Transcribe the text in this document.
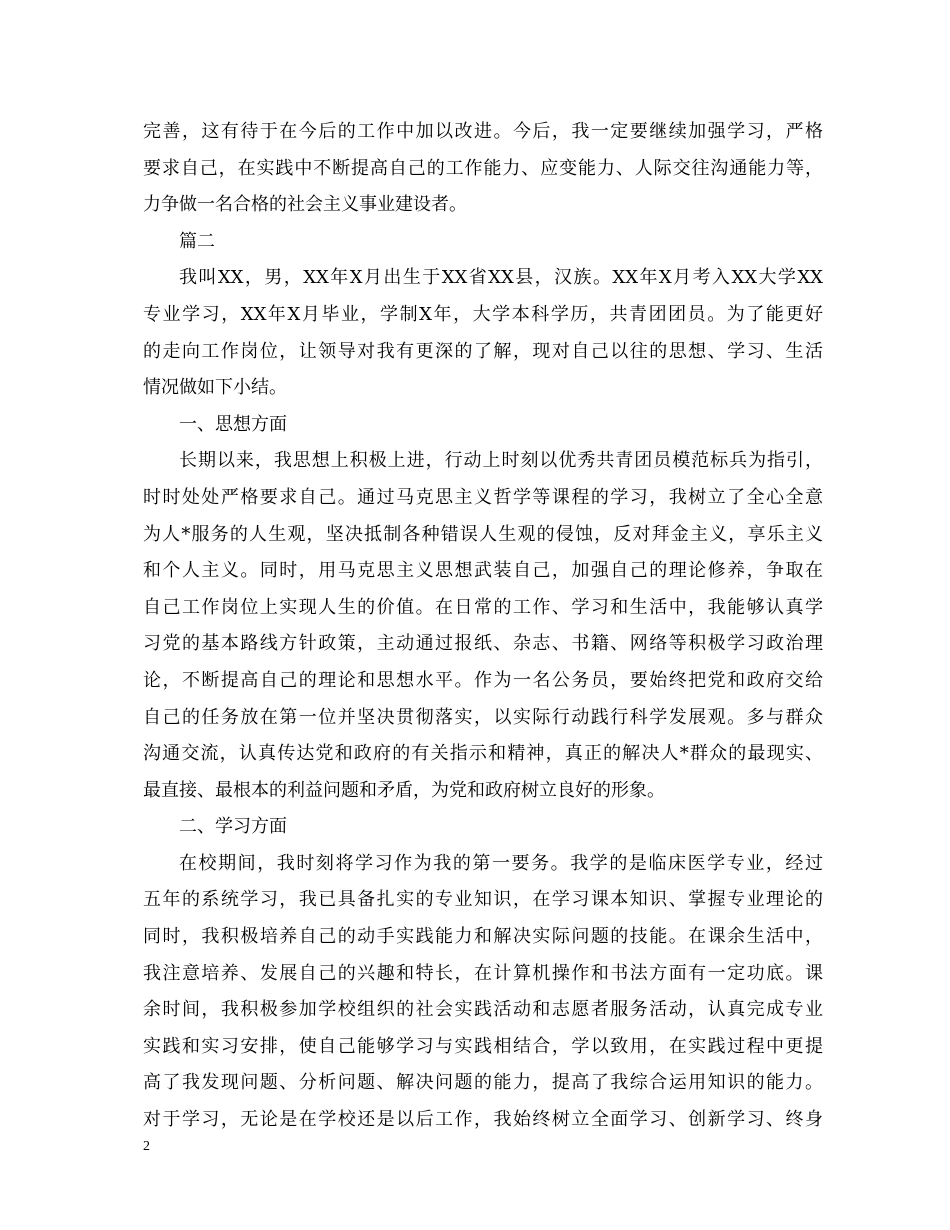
完善，这有待于在今后的工作中加以改进。今后，我一定要继续加强学习，严格
要求自己，在实践中不断提高自己的工作能力、应变能力、人际交往沟通能力等，
力争做一名合格的社会主义事业建设者。
篇二
我叫XX，男，XX年X月出生于XX省XX县，汉族。XX年X月考入XX大学XX
专业学习，XX年X月毕业，学制X年，大学本科学历，共青团团员。为了能更好
的走向工作岗位，让领导对我有更深的了解，现对自己以往的思想、学习、生活
情况做如下小结。
一、思想方面
长期以来，我思想上积极上进，行动上时刻以优秀共青团员模范标兵为指引，
时时处处严格要求自己。通过马克思主义哲学等课程的学习，我树立了全心全意
为人*服务的人生观，坚决抵制各种错误人生观的侵蚀，反对拜金主义，享乐主义
和个人主义。同时，用马克思主义思想武装自己，加强自己的理论修养，争取在
自己工作岗位上实现人生的价值。在日常的工作、学习和生活中，我能够认真学
习党的基本路线方针政策，主动通过报纸、杂志、书籍、网络等积极学习政治理
论，不断提高自己的理论和思想水平。作为一名公务员，要始终把党和政府交给
自己的任务放在第一位并坚决贯彻落实，以实际行动践行科学发展观。多与群众
沟通交流，认真传达党和政府的有关指示和精神，真正的解决人*群众的最现实、
最直接、最根本的利益问题和矛盾，为党和政府树立良好的形象。
二、学习方面
在校期间，我时刻将学习作为我的第一要务。我学的是临床医学专业，经过
五年的系统学习，我已具备扎实的专业知识，在学习课本知识、掌握专业理论的
同时，我积极培养自己的动手实践能力和解决实际问题的技能。在课余生活中，
我注意培养、发展自己的兴趣和特长，在计算机操作和书法方面有一定功底。课
余时间，我积极参加学校组织的社会实践活动和志愿者服务活动，认真完成专业
实践和实习安排，使自己能够学习与实践相结合，学以致用，在实践过程中更提
高了我发现问题、分析问题、解决问题的能力，提高了我综合运用知识的能力。
对于学习，无论是在学校还是以后工作，我始终树立全面学习、创新学习、终身
2
